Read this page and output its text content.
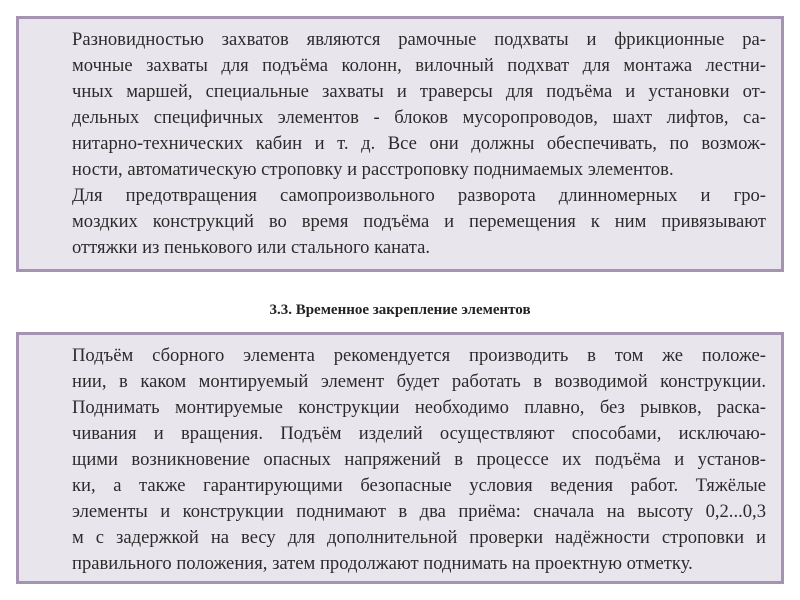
Разновидностью захватов являются рамочные подхваты и фрикционные ра-
мочные захваты для подъёма колонн, вилочный подхват для монтажа лестни-
чных маршей, специальные захваты и траверсы для подъёма и установки от-
дельных специфичных элементов - блоков мусоропроводов, шахт лифтов, са-
нитарно-технических кабин и т. д. Все они должны обеспечивать, по возмож-
ности, автоматическую строповку и расстроповку поднимаемых элементов.

Для предотвращения самопроизвольного разворота длинномерных и гро-
моздких конструкций во время подъёма и перемещения к ним привязывают
оттяжки из пенькового или стального каната.

3.3. Временное закрепление элементов

Подъём сборного элемента рекомендуется производить в том же положе-
нии, в каком монтируемый элемент будет работать в возводимой конструкции.
Поднимать монтируемые конструкции необходимо плавно, без рывков, раска-
чивания и вращения. Подъём изделий осуществляют способами, исключаю-
щими возникновение опасных напряжений в процессе их подъёма и установ-
ки, а также гарантирующими безопасные условия ведения работ. Тяжёлые
элементы и конструкции поднимают в два приёма: сначала на высоту 0,2...0,3
м с задержкой на весу для дополнительной проверки надёжности строповки и
правильного положения, затем продолжают поднимать на проектную отметку.
